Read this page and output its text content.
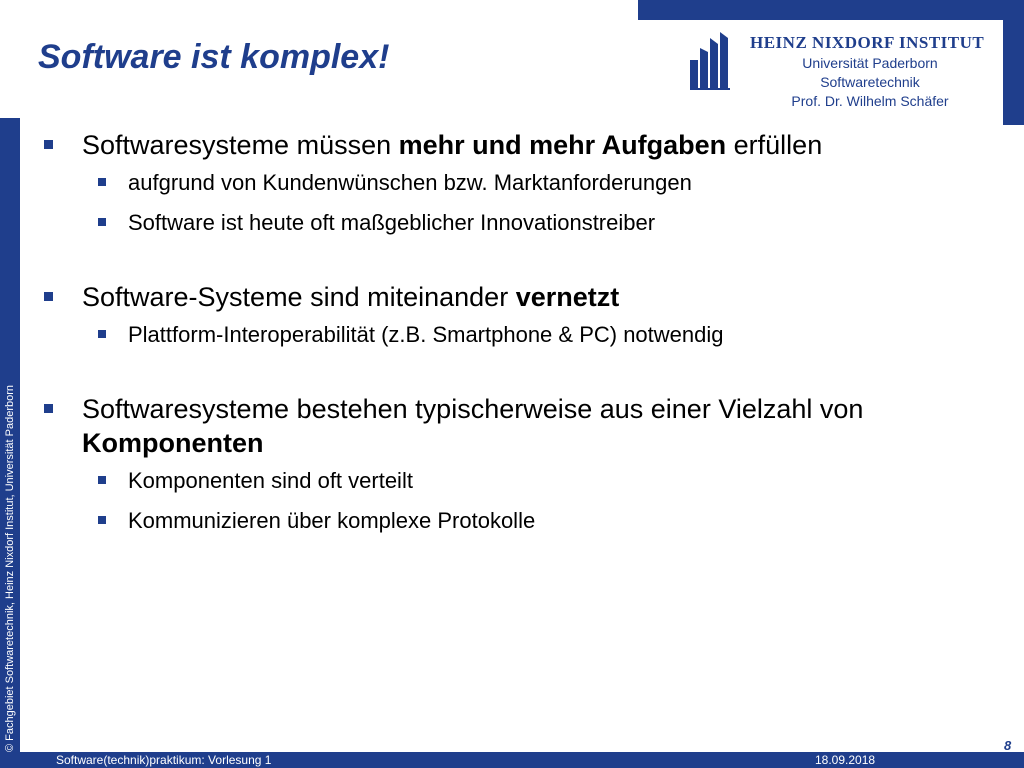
© Fachgebiet Softwaretechnik, Heinz Nixdorf Institut, Universität Paderborn
Software ist komplex!	HEINZ NIXDORF INSTITUT
Universität Paderborn
Softwaretechnik
Prof. Dr. Wilhelm Schäfer
Softwaresysteme müssen mehr und mehr Aufgaben erfüllen
aufgrund von Kundenwünschen bzw. Marktanforderungen
Software ist heute oft maßgeblicher Innovationstreiber
Software-Systeme sind miteinander vernetzt
Plattform-Interoperabilität (z.B. Smartphone & PC) notwendig
Softwaresysteme bestehen typischerweise aus einer Vielzahl von Komponenten
Komponenten sind oft verteilt
Kommunizieren über komplexe Protokolle
Software(technik)praktikum: Vorlesung 1	18.09.2018
8
